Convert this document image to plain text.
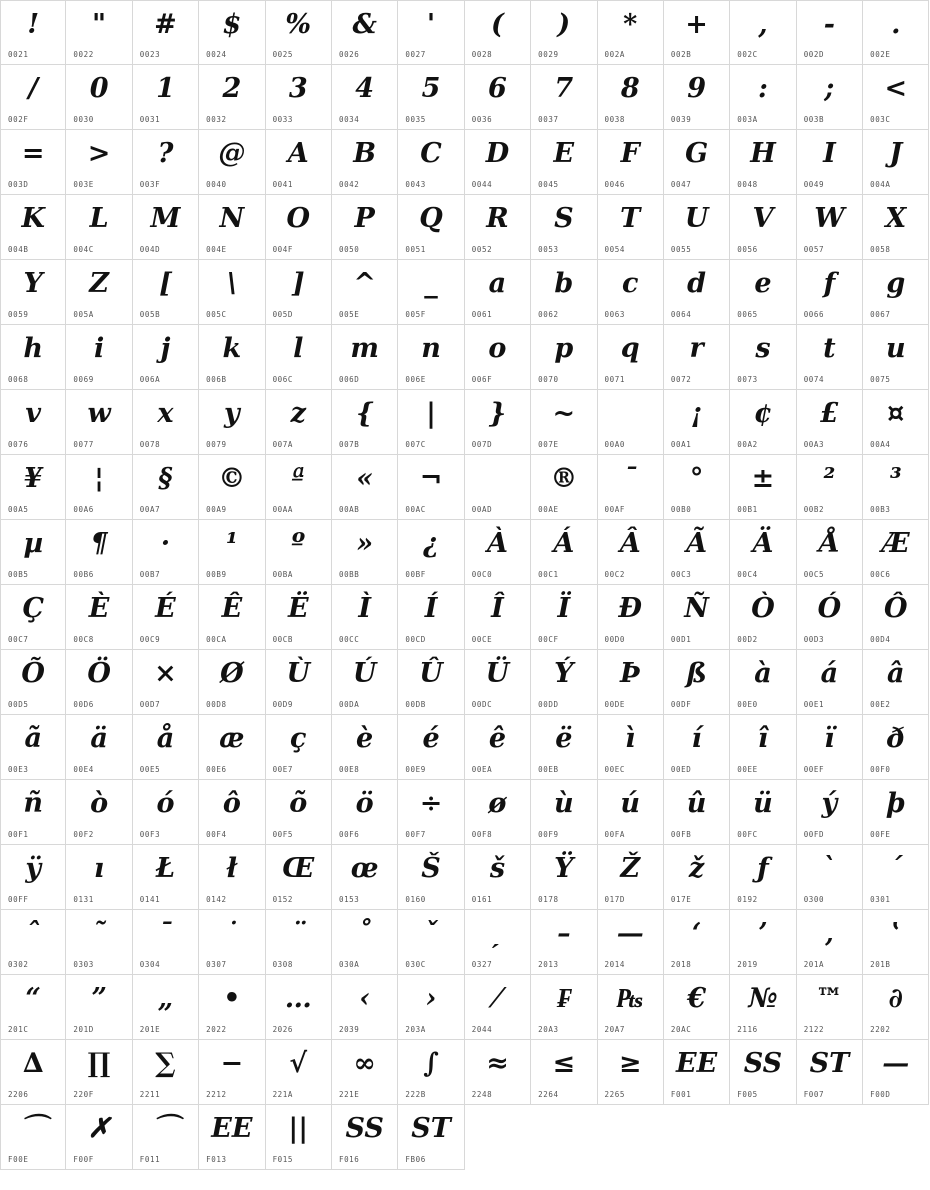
!
0021
"
0022
#
0023
$
0024
%
0025
&
0026
'
0027
(
0028
)
0029
*
002A
+
002B
,
002C
-
002D
.
002E
/
002F
0
0030
1
0031
2
0032
3
0033
4
0034
5
0035
6
0036
7
0037
8
0038
9
0039
:
003A
;
003B
<
003C
=
003D
>
003E
?
003F
@
0040
A
0041
B
0042
C
0043
D
0044
E
0045
F
0046
G
0047
H
0048
I
0049
J
004A
K
004B
L
004C
M
004D
N
004E
O
004F
P
0050
Q
0051
R
0052
S
0053
T
0054
U
0055
V
0056
W
0057
X
0058
Y
0059
Z
005A
[
005B
\
005C
]
005D
^
005E
_
005F
a
0061
b
0062
c
0063
d
0064
e
0065
f
0066
g
0067
h
0068
i
0069
j
006A
k
006B
l
006C
m
006D
n
006E
o
006F
p
0070
q
0071
r
0072
s
0073
t
0074
u
0075
v
0076
w
0077
x
0078
y
0079
z
007A
{
007B
|
007C
}
007D
~
007E	00A0
¡
00A1
¢
00A2
£
00A3
¤
00A4
¥
00A5
¦
00A6
§
00A7
©
00A9
ª
00AA
«
00AB
¬
00AC	00AD
®
00AE
¯
00AF
°
00B0
±
00B1
²
00B2
³
00B3
µ
00B5
¶
00B6
·
00B7
¹
00B9
º
00BA
»
00BB
¿
00BF
À
00C0
Á
00C1
Â
00C2
Ã
00C3
Ä
00C4
Å
00C5
Æ
00C6
Ç
00C7
È
00C8
É
00C9
Ê
00CA
Ë
00CB
Ì
00CC
Í
00CD
Î
00CE
Ï
00CF
Ð
00D0
Ñ
00D1
Ò
00D2
Ó
00D3
Ô
00D4
Õ
00D5
Ö
00D6
×
00D7
Ø
00D8
Ù
00D9
Ú
00DA
Û
00DB
Ü
00DC
Ý
00DD
Þ
00DE
ß
00DF
à
00E0
á
00E1
â
00E2
ã
00E3
ä
00E4
å
00E5
æ
00E6
ç
00E7
è
00E8
é
00E9
ê
00EA
ë
00EB
ì
00EC
í
00ED
î
00EE
ï
00EF
ð
00F0
ñ
00F1
ò
00F2
ó
00F3
ô
00F4
õ
00F5
ö
00F6
÷
00F7
ø
00F8
ù
00F9
ú
00FA
û
00FB
ü
00FC
ý
00FD
þ
00FE
ÿ
00FF
ı
0131
Ł
0141
ł
0142
Œ
0152
œ
0153
Š
0160
š
0161
Ÿ
0178
Ž
017D
ž
017E
ƒ
0192
ˋ
0300
ˊ
0301
ˆ
0302
˜
0303
ˉ
0304
˙
0307
¨
0308
˚
030A
ˇ
030C
ˏ
0327
–
2013
—
2014
‘
2018
’
2019
‚
201A
‛
201B
“
201C
”
201D
„
201E
•
2022
…
2026
‹
2039
›
203A
⁄
2044
₣
20A3
₧
20A7
€
20AC
№
2116
™
2122
∂
2202
∆
2206
∏
220F
∑
2211
−
2212
√
221A
∞
221E
∫
222B
≈
2248
≤
2264
≥
2265
EE
F001
SS
F005
ST
F007
—
F00D
⌒
F00E
✗
F00F
⌒
F011
EE
F013
||
F015
SS
F016
ST
FB06
